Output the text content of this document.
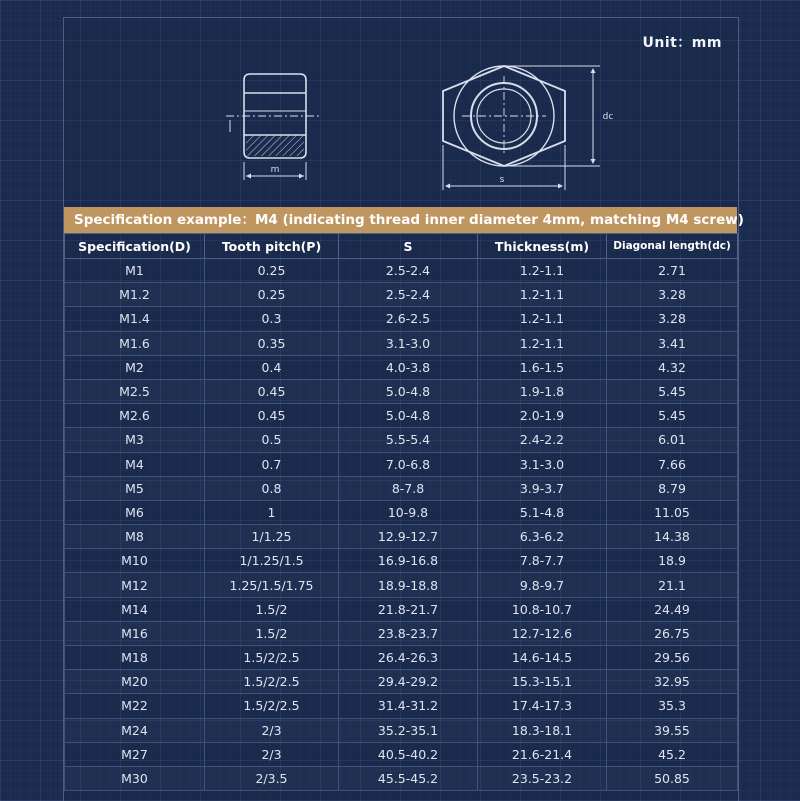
Unit：mm
m
s
dc
Specification example：M4 (indicating thread inner diameter 4mm, matching M4 screw)
Specification(D)	Tooth pitch(P)	S	Thickness(m)	Diagonal length(dc)
M1	0.25	2.5-2.4	1.2-1.1	2.71
M1.2	0.25	2.5-2.4	1.2-1.1	3.28
M1.4	0.3	2.6-2.5	1.2-1.1	3.28
M1.6	0.35	3.1-3.0	1.2-1.1	3.41
M2	0.4	4.0-3.8	1.6-1.5	4.32
M2.5	0.45	5.0-4.8	1.9-1.8	5.45
M2.6	0.45	5.0-4.8	2.0-1.9	5.45
M3	0.5	5.5-5.4	2.4-2.2	6.01
M4	0.7	7.0-6.8	3.1-3.0	7.66
M5	0.8	8-7.8	3.9-3.7	8.79
M6	1	10-9.8	5.1-4.8	11.05
M8	1/1.25	12.9-12.7	6.3-6.2	14.38
M10	1/1.25/1.5	16.9-16.8	7.8-7.7	18.9
M12	1.25/1.5/1.75	18.9-18.8	9.8-9.7	21.1
M14	1.5/2	21.8-21.7	10.8-10.7	24.49
M16	1.5/2	23.8-23.7	12.7-12.6	26.75
M18	1.5/2/2.5	26.4-26.3	14.6-14.5	29.56
M20	1.5/2/2.5	29.4-29.2	15.3-15.1	32.95
M22	1.5/2/2.5	31.4-31.2	17.4-17.3	35.3
M24	2/3	35.2-35.1	18.3-18.1	39.55
M27	2/3	40.5-40.2	21.6-21.4	45.2
M30	2/3.5	45.5-45.2	23.5-23.2	50.85
